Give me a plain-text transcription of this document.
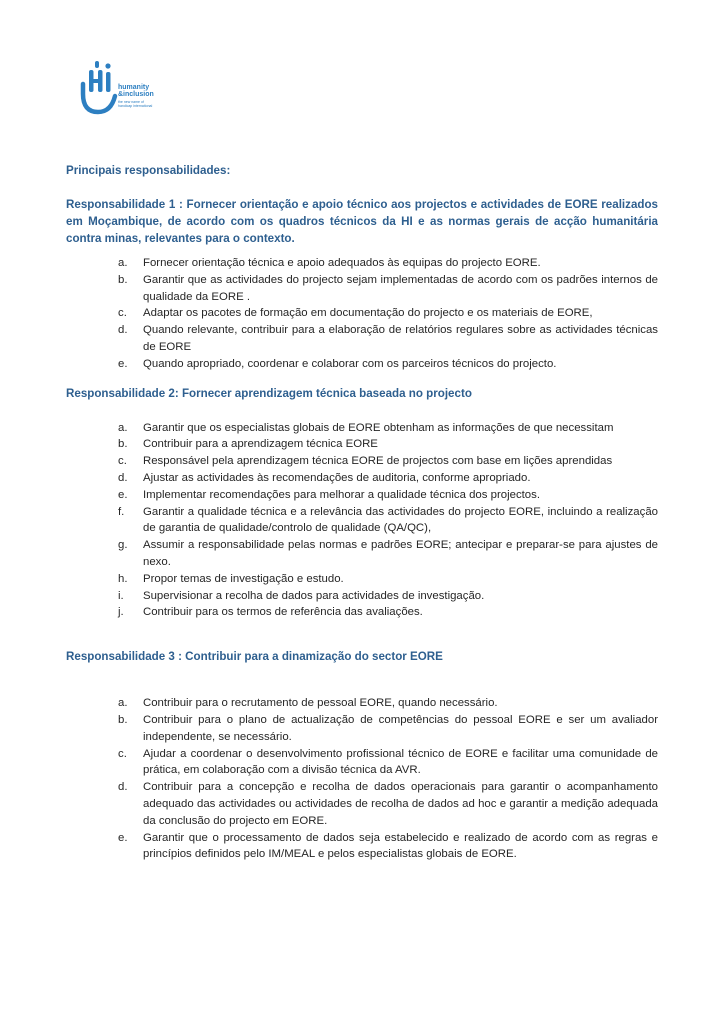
humanity
&inclusion
the new name of
handicap international

Principais responsabilidades:

Responsabilidade 1 : Fornecer orientação e apoio técnico aos projectos e actividades de EORE realizados em Moçambique, de acordo com os quadros técnicos da HI e as normas gerais de acção humanitária contra minas, relevantes para o contexto.

a. Fornecer orientação técnica e apoio adequados às equipas do projecto EORE.
b. Garantir que as actividades do projecto sejam implementadas de acordo com os padrões internos de qualidade da EORE .
c. Adaptar os pacotes de formação em documentação do projecto e os materiais de EORE,
d. Quando relevante, contribuir para a elaboração de relatórios regulares sobre as actividades técnicas de EORE
e. Quando apropriado, coordenar e colaborar com os parceiros técnicos do projecto.

Responsabilidade 2: Fornecer aprendizagem técnica baseada no projecto

a. Garantir que os especialistas globais de EORE obtenham as informações de que necessitam
b. Contribuir para a aprendizagem técnica EORE
c. Responsável pela aprendizagem técnica EORE de projectos com base em lições aprendidas
d. Ajustar as actividades às recomendações de auditoria, conforme apropriado.
e. Implementar recomendações para melhorar a qualidade técnica dos projectos.
f. Garantir a qualidade técnica e a relevância das actividades do projecto EORE, incluindo a realização de garantia de qualidade/controlo de qualidade (QA/QC),
g. Assumir a responsabilidade pelas normas e padrões EORE; antecipar e preparar-se para ajustes de nexo.
h. Propor temas de investigação e estudo.
i. Supervisionar a recolha de dados para actividades de investigação.
j. Contribuir para os termos de referência das avaliações.

Responsabilidade 3 : Contribuir para a dinamização do sector EORE

a. Contribuir para o recrutamento de pessoal EORE, quando necessário.
b. Contribuir para o plano de actualização de competências do pessoal EORE e ser um avaliador independente, se necessário.
c. Ajudar a coordenar o desenvolvimento profissional técnico de EORE e facilitar uma comunidade de prática, em colaboração com a divisão técnica da AVR.
d. Contribuir para a concepção e recolha de dados operacionais para garantir o acompanhamento adequado das actividades ou actividades de recolha de dados ad hoc e garantir a medição adequada da conclusão do projecto em EORE.
e. Garantir que o processamento de dados seja estabelecido e realizado de acordo com as regras e princípios definidos pelo IM/MEAL e pelos especialistas globais de EORE.
